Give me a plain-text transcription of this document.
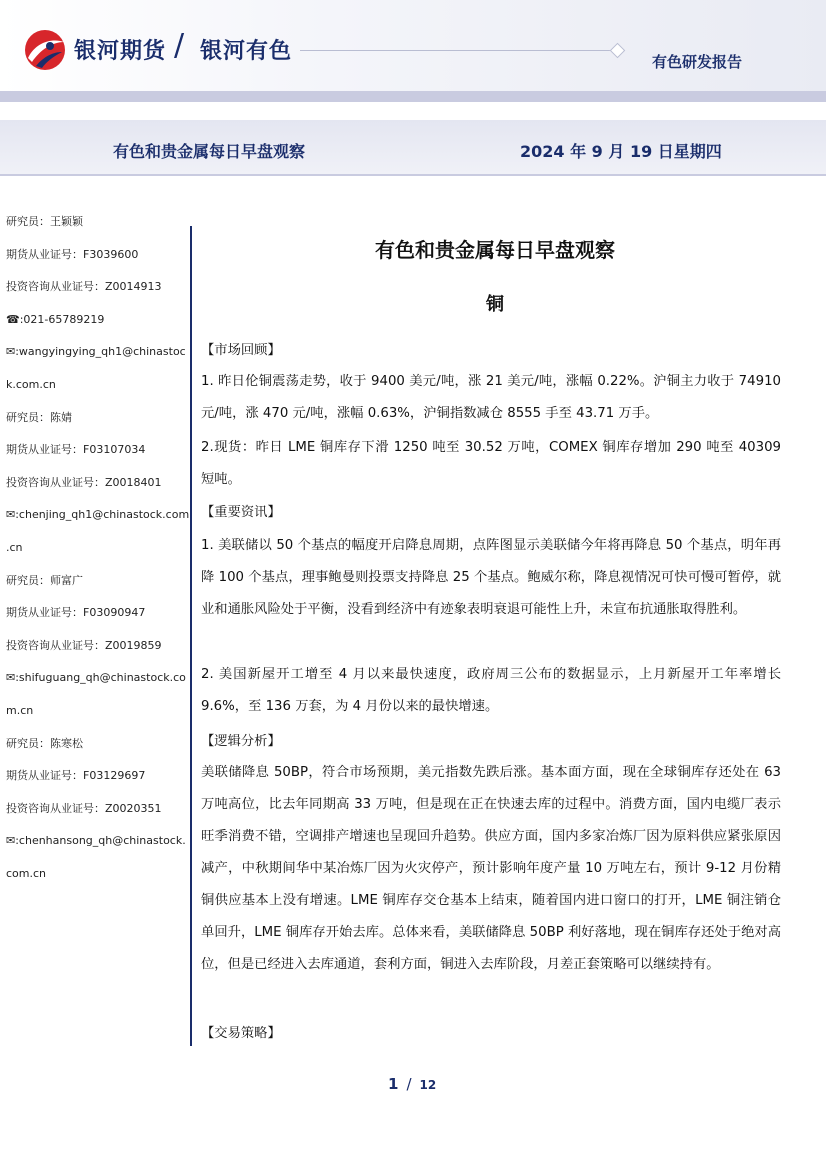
银河期货 / 银河有色	有色研发报告
有色和贵金属每日早盘观察	2024 年 9 月 19 日星期四
研究员：王颖颖
期货从业证号：F3039600
投资咨询从业证号：Z0014913
☎:021-65789219
✉:wangyingying_qh1@chinastoc
k.com.cn
研究员：陈婧
期货从业证号：F03107034
投资咨询从业证号：Z0018401
✉:chenjing_qh1@chinastock.com
.cn
研究员：师富广
期货从业证号：F03090947
投资咨询从业证号：Z0019859
✉:shifuguang_qh@chinastock.co
m.cn
研究员：陈寒松
期货从业证号：F03129697
投资咨询从业证号：Z0020351
✉:chenhansong_qh@chinastock.
com.cn
有色和贵金属每日早盘观察
铜
【市场回顾】
1. 昨日伦铜震荡走势，收于 9400 美元/吨，涨 21 美元/吨，涨幅 0.22%。沪铜主力收于 74910 元/吨，涨 470 元/吨，涨幅 0.63%，沪铜指数减仓 8555 手至 43.71 万手。
2.现货：昨日 LME 铜库存下滑 1250 吨至 30.52 万吨，COMEX 铜库存增加 290 吨至 40309 短吨。
【重要资讯】
1. 美联储以 50 个基点的幅度开启降息周期，点阵图显示美联储今年将再降息 50 个基点，明年再降 100 个基点，理事鲍曼则投票支持降息 25 个基点。鲍威尔称，降息视情况可快可慢可暂停，就业和通胀风险处于平衡，没看到经济中有迹象表明衰退可能性上升，未宣布抗通胀取得胜利。
2. 美国新屋开工增至 4 月以来最快速度，政府周三公布的数据显示，上月新屋开工年率增长 9.6%，至 136 万套，为 4 月份以来的最快增速。
【逻辑分析】
美联储降息 50BP，符合市场预期，美元指数先跌后涨。基本面方面，现在全球铜库存还处在 63 万吨高位，比去年同期高 33 万吨，但是现在正在快速去库的过程中。消费方面，国内电缆厂表示旺季消费不错，空调排产增速也呈现回升趋势。供应方面，国内多家冶炼厂因为原料供应紧张原因减产，中秋期间华中某冶炼厂因为火灾停产，预计影响年度产量 10 万吨左右，预计 9-12 月份精铜供应基本上没有增速。LME 铜库存交仓基本上结束，随着国内进口窗口的打开，LME 铜注销仓单回升，LME 铜库存开始去库。总体来看，美联储降息 50BP 利好落地，现在铜库存还处于绝对高位，但是已经进入去库通道，套利方面，铜进入去库阶段，月差正套策略可以继续持有。
【交易策略】
1 / 12
